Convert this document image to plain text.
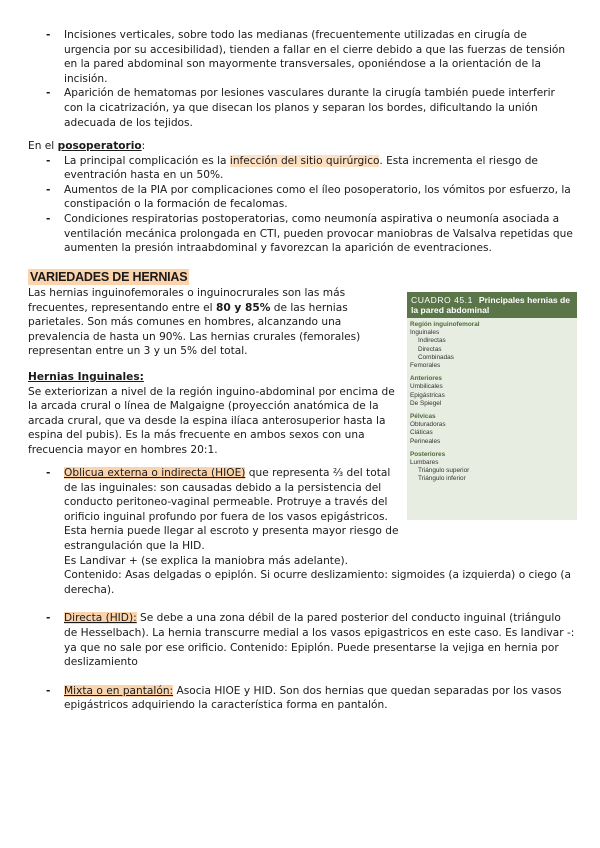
- Incisiones verticales, sobre todo las medianas (frecuentemente utilizadas en cirugía de urgencia por su accesibilidad), tienden a fallar en el cierre debido a que las fuerzas de tensión en la pared abdominal son mayormente transversales, oponiéndose a la orientación de la incisión.
- Aparición de hematomas por lesiones vasculares durante la cirugía también puede interferir con la cicatrización, ya que disecan los planos y separan los bordes, dificultando la unión adecuada de los tejidos.
En el posoperatorio:
- La principal complicación es la infección del sitio quirúrgico. Esta incrementa el riesgo de eventración hasta en un 50%.
- Aumentos de la PIA por complicaciones como el íleo posoperatorio, los vómitos por esfuerzo, la constipación o la formación de fecalomas.
- Condiciones respiratorias postoperatorias, como neumonía aspirativa o neumonía asociada a ventilación mecánica prolongada en CTI, pueden provocar maniobras de Valsalva repetidas que aumenten la presión intraabdominal y favorezcan la aparición de eventraciones.
VARIEDADES DE HERNIAS
Las hernias inguinofemorales o inguinocrurales son las más frecuentes, representando entre el 80 y 85% de las hernias parietales. Son más comunes en hombres, alcanzando una prevalencia de hasta un 90%. Las hernias crurales (femorales) representan entre un 3 y un 5% del total.
Hernias Inguinales:
Se exteriorizan a nivel de la región inguino-abdominal por encima de la arcada crural o línea de Malgaigne (proyección anatómica de la arcada crural, que va desde la espina ilíaca anterosuperior hasta la espina del pubis). Es la más frecuente en ambos sexos con una frecuencia mayor en hombres 20:1.
- Oblicua externa o indirecta (HIOE) que representa ⅔ del total de las inguinales: son causadas debido a la persistencia del conducto peritoneo-vaginal permeable. Protruye a través del orificio inguinal profundo por fuera de los vasos epigástricos. Esta hernia puede llegar al escroto y presenta mayor riesgo de estrangulación que la HID.
Es Landivar + (se explica la maniobra más adelante).
Contenido: Asas delgadas o epiplón. Si ocurre deslizamiento: sigmoides (a izquierda) o ciego (a derecha).
- Directa (HID): Se debe a una zona débil de la pared posterior del conducto inguinal (triángulo de Hesselbach). La hernia transcurre medial a los vasos epigastricos en este caso. Es landivar -: ya que no sale por ese orificio. Contenido: Epiplón. Puede presentarse la vejiga en hernia por deslizamiento
- Mixta o en pantalón: Asocia HIOE y HID. Son dos hernias que quedan separadas por los vasos epigástricos adquiriendo la característica forma en pantalón.
CUADRO 45.1 Principales hernias de la pared abdominal
Región inguinofemoral
Inguinales
Indirectas
Directas
Combinadas
Femorales
Anteriores
Umbilicales
Epigástricas
De Spiegel
Pélvicas
Obturadoras
Ciáticas
Perineales
Posteriores
Lumbares
Triángulo superior
Triángulo inferior
